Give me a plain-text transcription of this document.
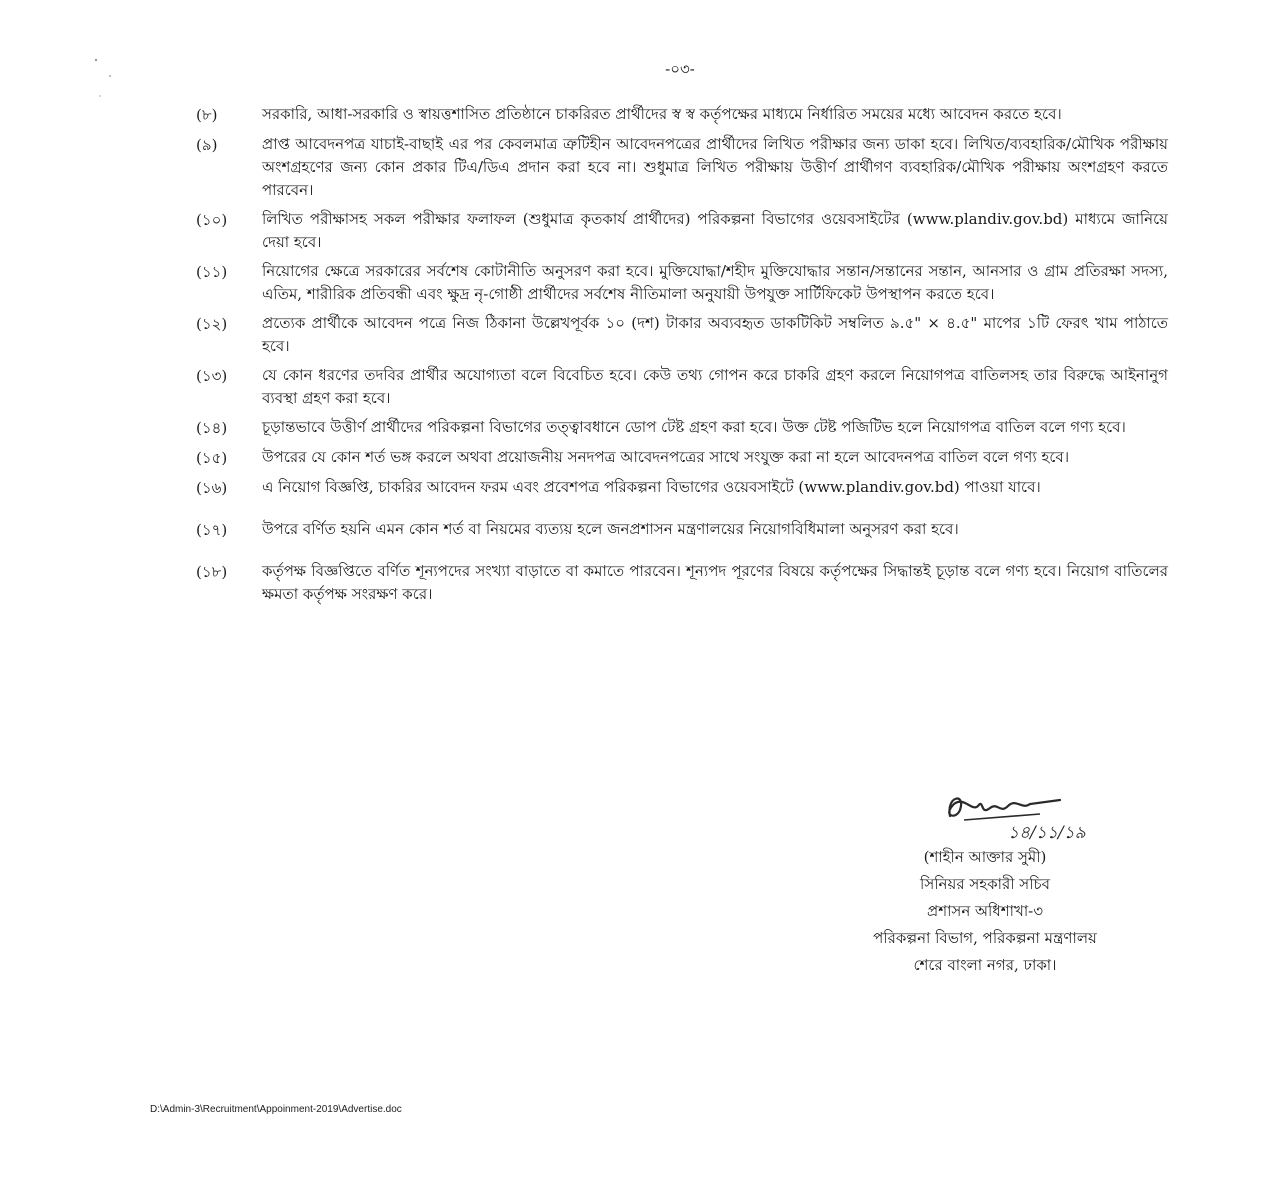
-০৩-
(৮)	সরকারি, আধা-সরকারি ও স্বায়ত্তশাসিত প্রতিষ্ঠানে চাকরিরত প্রার্থীদের স্ব স্ব কর্তৃপক্ষের মাধ্যমে নির্ধারিত সময়ের মধ্যে আবেদন করতে হবে।
(৯)	প্রাপ্ত আবেদনপত্র যাচাই-বাছাই এর পর কেবলমাত্র ত্রুটিহীন আবেদনপত্রের প্রার্থীদের লিখিত পরীক্ষার জন্য ডাকা হবে। লিখিত/ব্যবহারিক/মৌখিক পরীক্ষায় অংশগ্রহণের জন্য কোন প্রকার টিএ/ডিএ প্রদান করা হবে না। শুধুমাত্র লিখিত পরীক্ষায় উত্তীর্ণ প্রার্থীগণ ব্যবহারিক/মৌখিক পরীক্ষায় অংশগ্রহণ করতে পারবেন।
(১০)	লিখিত পরীক্ষাসহ সকল পরীক্ষার ফলাফল (শুধুমাত্র কৃতকার্য প্রার্থীদের) পরিকল্পনা বিভাগের ওয়েবসাইটের (www.plandiv.gov.bd) মাধ্যমে জানিয়ে দেয়া হবে।
(১১)	নিয়োগের ক্ষেত্রে সরকারের সর্বশেষ কোটানীতি অনুসরণ করা হবে। মুক্তিযোদ্ধা/শহীদ মুক্তিযোদ্ধার সন্তান/সন্তানের সন্তান, আনসার ও গ্রাম প্রতিরক্ষা সদস্য, এতিম, শারীরিক প্রতিবন্ধী এবং ক্ষুদ্র নৃ-গোষ্ঠী প্রার্থীদের সর্বশেষ নীতিমালা অনুযায়ী উপযুক্ত সার্টিফিকেট উপস্থাপন করতে হবে।
(১২)	প্রত্যেক প্রার্থীকে আবেদন পত্রে নিজ ঠিকানা উল্লেখপূর্বক ১০ (দশ) টাকার অব্যবহৃত ডাকটিকিট সম্বলিত ৯.৫" × ৪.৫" মাপের ১টি ফেরৎ খাম পাঠাতে হবে।
(১৩)	যে কোন ধরণের তদবির প্রার্থীর অযোগ্যতা বলে বিবেচিত হবে। কেউ তথ্য গোপন করে চাকরি গ্রহণ করলে নিয়োগপত্র বাতিলসহ তার বিরুদ্ধে আইনানুগ ব্যবস্থা গ্রহণ করা হবে।
(১৪)	চূড়ান্তভাবে উত্তীর্ণ প্রার্থীদের পরিকল্পনা বিভাগের তত্ত্বাবধানে ডোপ টেষ্ট গ্রহণ করা হবে। উক্ত টেষ্ট পজিটিভ হলে নিয়োগপত্র বাতিল বলে গণ্য হবে।
(১৫)	উপরের যে কোন শর্ত ভঙ্গ করলে অথবা প্রয়োজনীয় সনদপত্র আবেদনপত্রের সাথে সংযুক্ত করা না হলে আবেদনপত্র বাতিল বলে গণ্য হবে।
(১৬)	এ নিয়োগ বিজ্ঞপ্তি, চাকরির আবেদন ফরম এবং প্রবেশপত্র পরিকল্পনা বিভাগের ওয়েবসাইটে (www.plandiv.gov.bd) পাওয়া যাবে।
(১৭)	উপরে বর্ণিত হয়নি এমন কোন শর্ত বা নিয়মের ব্যত্যয় হলে জনপ্রশাসন মন্ত্রণালয়ের নিয়োগবিধিমালা অনুসরণ করা হবে।
(১৮)	কর্তৃপক্ষ বিজ্ঞপ্তিতে বর্ণিত শূন্যপদের সংখ্যা বাড়াতে বা কমাতে পারবেন। শূন্যপদ পূরণের বিষয়ে কর্তৃপক্ষের সিদ্ধান্তই চূড়ান্ত বলে গণ্য হবে। নিয়োগ বাতিলের ক্ষমতা কর্তৃপক্ষ সংরক্ষণ করে।
১৪/১১/১৯
(শাহীন আক্তার সুমী)
সিনিয়র সহকারী সচিব
প্রশাসন অধিশাখা-৩
পরিকল্পনা বিভাগ, পরিকল্পনা মন্ত্রণালয়
শেরে বাংলা নগর, ঢাকা।
D:\Admin-3\Recruitment\Appoinment-2019\Advertise.doc
